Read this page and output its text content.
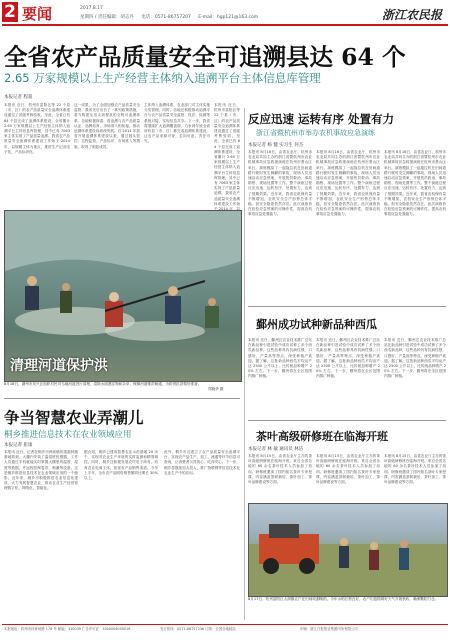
2 要闻	2017.8.17
星期四 / 责任编辑：胡志丹 电话：0571-86757207 E-mail：hgp121@163.com	浙江农民报
全省农产品质量安全可追溯县达 64 个
2.65 万家规模以上生产经营主体纳入追溯平台主体信息库管理
本报记者 程超
本报讯 近日，杭州市富阳区等 22 个县（市、区）的农产品质量安全追溯体系建设通过了省级考核验收。至此，全省已有 64 个县完成了追溯体系建设，全省累计 2.65 万家规模以上生产经营主体纳入追溯平台主体信息库管理，其中已有 7063 家主体实现了产品质量追溯。我省农产品质量安全追溯体系建设工作始于 2014 年，以规模主体为重点，推进生产记录电子化、产品标识化。
这一成果，为了全面加强农产品质量安全监管，我省先后出台了一系列政策措施，着力构建从田头到餐桌的全程可追溯体系。各地积极探索，将追溯与农产品质量认证、品牌培育、市场准入相衔接，推动追溯体系建设向纵深发展。自 2014 年我省开展追溯体系建设以来，通过源头管控、过程监管、产品标识、市场准入等措施，取得了明显成效。
主体纳入追溯体系，农业部门对主体实施分类管理。同时，各地还积极推动追溯平台与农产品质量安全监管、执法、检测等系统对接，实现信息共享。下一步，我省将继续扩大追溯覆盖面，力争到年底全省所有县（市、区）都完成追溯体系建设，让农产品来源可查、去向可追、责任可究。
本报讯 近日，杭州市富阳区等 22 个县（市、区）的农产品质量安全追溯体系建设通过了省级考核验收。至此，全省已有 64 个县完成了追溯体系建设，全省累计 2.65 万家规模以上生产经营主体纳入追溯平台主体信息库管理，其中已有 7063 家主体实现了产品质量追溯。我省农产品质量安全追溯体系建设工作始
清理河道保护洪
8月16日，湖州市吴兴区组织村民对当地河道进行清理，清除水面漂浮物和杂草，保障河道排洪畅通，为防汛抗洪做好准备。
郑晓华 摄
争当智慧农业弄潮儿
桐乡推进信息技术在农业领域应用
本报记者 崔康
本报讯 近日，记者在桐乡市洲泉镇的果蔬种植基地看到，大棚内安装了温湿度传感器，工作人员通过手机就能实时掌握大棚里的温度、湿度等数据，并远程控制卷帘、喷灌等设备。这是桐乡推进信息技术在农业领域应用的一个缩影。近年来，桐乡市积极推进农业信息化建设，大力发展智慧农业，推动农业生产经营管理数字化、网络化、智能化。
据介绍，桐乡已建成智慧农业示范基地 20 余个，实现对农业生产环境的实时监测和精准调控。同时，桐乡还积极发展农村电子商务，培育农业电商主体，拓宽农产品销售渠道。今年上半年，全市农产品网络销售额同比增长 30% 以上。
此外，桐乡市还建立了农产品质量安全追溯平台，实现农产品生产、加工、流通等环节信息可查询，让消费者买得放心、吃得安心。下一步，桐乡将继续加大投入，推广物联网等信息技术在农业生产中的应用。
反应迅速 运转有序 处置有力
浙江省暨杭州市举办农机事故应急演练
本报记者 杨 健 实习生 何杰
本报讯 8月16日，由省农业厅、杭州市农业局共同主办的浙江省暨杭州市农业机械事故应急救援演练在杭州市萧山区举行。演练模拟了一起拖拉机在田间道路行驶时发生侧翻的事故，现场人员迅速启动应急预案，开展伤员救治、事故勘察、现场处置等工作。整个演练过程反应迅速、运转有序、处置有力，达到了预期效果。近年来，我省农机保有量不断增加，农机安全生产形势总体平稳，但安全隐患依然存在。此次演练旨在检验应急预案的可操作性，提高农机事故应急处置能力。
本报讯 8月16日，由省农业厅、杭州市农业局共同主办的浙江省暨杭州市农业机械事故应急救援演练在杭州市萧山区举行。演练模拟了一起拖拉机在田间道路行驶时发生侧翻的事故，现场人员迅速启动应急预案，开展伤员救治、事故勘察、现场处置等工作。整个演练过程反应迅速、运转有序、处置有力，达到了预期效果。近年来，我省农机保有量不断增加，农机安全生产形势总体平稳，但安全隐患依然存在。此次演练旨在检验应急预案的可操作性，提高农机事故应急处置能力。
本报讯 8月16日，由省农业厅、杭州市农业局共同主办的浙江省暨杭州市农业机械事故应急救援演练在杭州市萧山区举行。演练模拟了一起拖拉机在田间道路行驶时发生侧翻的事故，现场人员迅速启动应急预案，开展伤员救治、事故勘察、现场处置等工作。整个演练过程反应迅速、运转有序、处置有力，达到了预期效果。近年来，我省农机保有量不断增加，农机安全生产形势总体平稳，但安全隐患依然存在。此次演练旨在检验应急预案的可操作性，提高农机事故应急处置能力。
鄞州成功试种新品种西瓜
本报讯 近日，鄞州区农业技术推广总站在新品种引进试验中成功试种了多个西瓜新品种，这些品种具有抗病性强、口感好、产量高等特点，深受种植户欢迎。据了解，这批新品种西瓜平均亩产达 2500 公斤以上，比传统品种增产 20% 左右。下一步，鄞州将在全区范围内推广种植。
本报讯 近日，鄞州区农业技术推广总站在新品种引进试验中成功试种了多个西瓜新品种，这些品种具有抗病性强、口感好、产量高等特点，深受种植户欢迎。据了解，这批新品种西瓜平均亩产达 2500 公斤以上，比传统品种增产 20% 左右。下一步，鄞州将在全区范围内推广种植。
本报讯 近日，鄞州区农业技术推广总站在新品种引进试验中成功试种了多个西瓜新品种，这些品种具有抗病性强、口感好、产量高等特点，深受种植户欢迎。据了解，这批新品种西瓜平均亩产达 2500 公斤以上，比传统品种增产 20% 左右。下一步，鄞州将在全区范围内推广种植。
茶叶高级研修班在临海开班
本报记者 林 敏 通讯员 林洁
本报讯 8月15日，由省农业厅主办的茶叶高级研修班在临海开班。来自全省各地的 60 余名茶叶技术人员参加了培训。研修班邀请了国内知名茶叶专家授课，内容涵盖茶树栽培、茶叶加工、茶叶品牌建设等方面。
本报讯 8月15日，由省农业厅主办的茶叶高级研修班在临海开班。来自全省各地的 60 余名茶叶技术人员参加了培训。研修班邀请了国内知名茶叶专家授课，内容涵盖茶树栽培、茶叶加工、茶叶品牌建设等方面。
本报讯 8月15日，由省农业厅主办的茶叶高级研修班在临海开班。来自全省各地的 60 余名茶叶技术人员参加了培训。研修班邀请了国内知名茶叶专家授课，内容涵盖茶树栽培、茶叶加工、茶叶品牌建设等方面。
8月17日，杭州富阳区大源镇农户在田间收割晚稻，今年水稻长势良好，农户们抢抓晴好天气开展秋收，确保颗粒归仓。
本报地址：杭州市体育场路 178 号 邮编：310039 广告许可证：3300004000016	发行热线：0571-86757236 订阅：全国各地邮局	印刷：浙江日报报业集团印务有限公司
